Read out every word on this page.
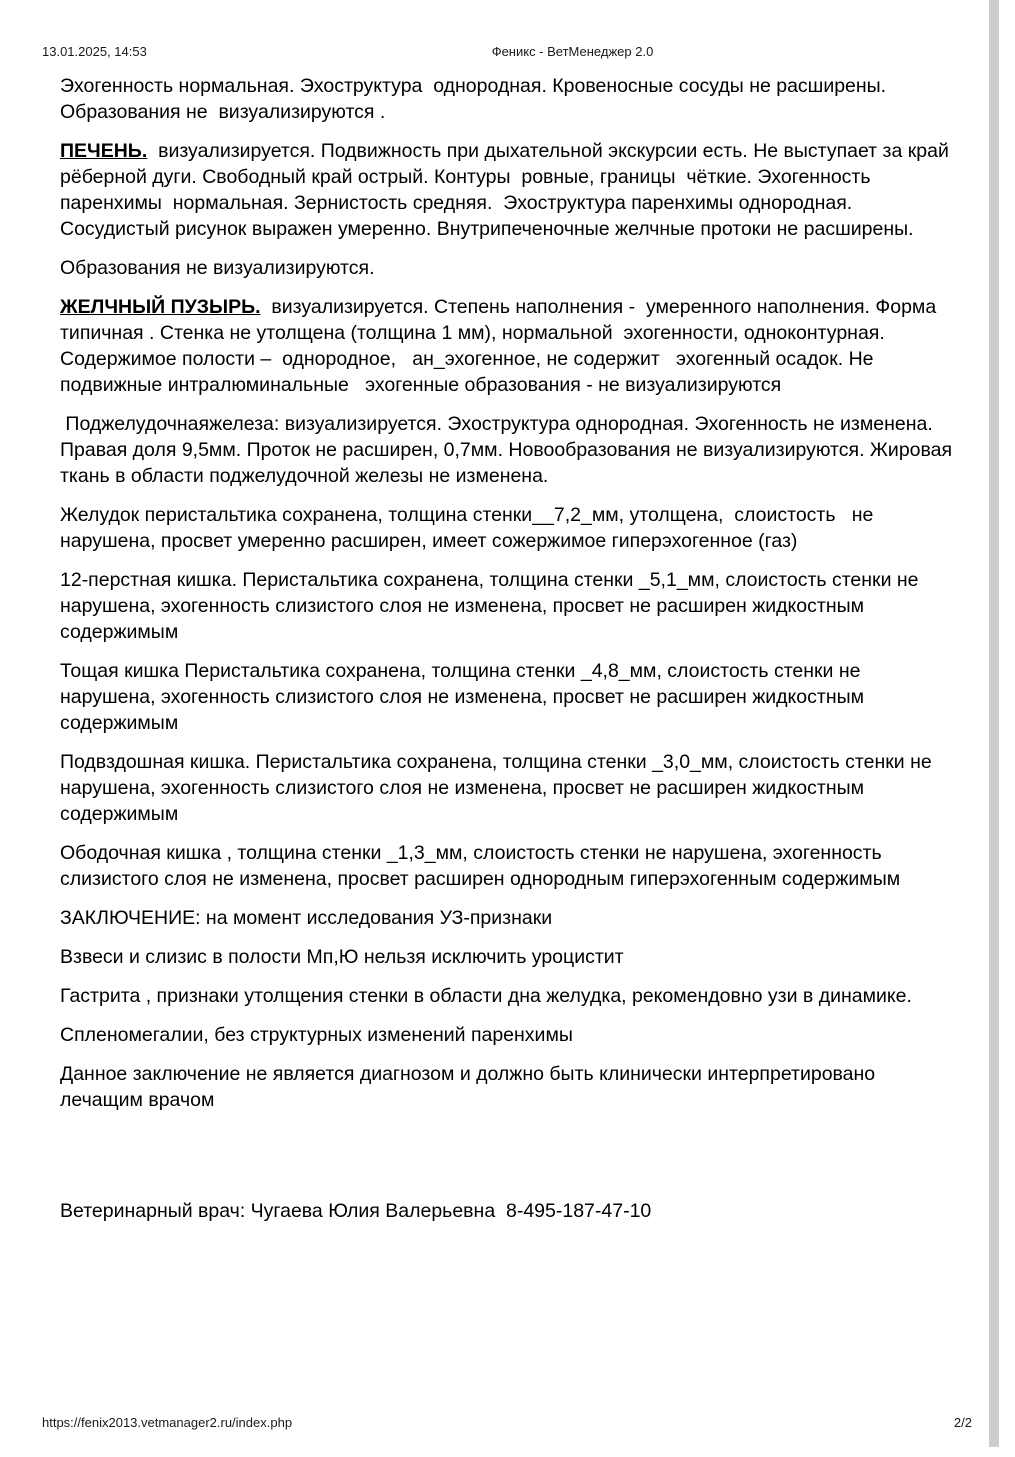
13.01.2025, 14:53	Феникс - ВетМенеджер 2.0

Эхогенность нормальная. Эхоструктура  однородная. Кровеносные сосуды не расширены. Образования не  визуализируются .

ПЕЧЕНЬ.  визуализируется. Подвижность при дыхательной экскурсии есть. Не выступает за край рёберной дуги. Свободный край острый. Контуры  ровные, границы  чёткие. Эхогенность паренхимы  нормальная. Зернистость средняя.  Эхоструктура паренхимы однородная. Сосудистый рисунок выражен умеренно. Внутрипеченочные желчные протоки не расширены.

Образования не визуализируются.

ЖЕЛЧНЫЙ ПУЗЫРЬ.  визуализируется. Степень наполнения -  умеренного наполнения. Форма типичная . Стенка не утолщена (толщина 1 мм), нормальной  эхогенности, одноконтурная. Содержимое полости –  однородное,   ан_эхогенное, не содержит   эхогенный осадок. Не подвижные интралюминальные   эхогенные образования - не визуализируются

Поджелудочнаяжелеза: визуализируется. Эхоструктура однородная. Эхогенность не изменена. Правая доля 9,5мм. Проток не расширен, 0,7мм. Новообразования не визуализируются. Жировая ткань в области поджелудочной железы не изменена.

Желудок перистальтика сохранена, толщина стенки__7,2_мм, утолщена,  слоистость   не нарушена, просвет умеренно расширен, имеет сожержимое гиперэхогенное (газ)

12-перстная кишка. Перистальтика сохранена, толщина стенки _5,1_мм, слоистость стенки не нарушена, эхогенность слизистого слоя не изменена, просвет не расширен жидкостным содержимым

Тощая кишка Перистальтика сохранена, толщина стенки _4,8_мм, слоистость стенки не нарушена, эхогенность слизистого слоя не изменена, просвет не расширен жидкостным содержимым

Подвздошная кишка. Перистальтика сохранена, толщина стенки _3,0_мм, слоистость стенки не нарушена, эхогенность слизистого слоя не изменена, просвет не расширен жидкостным содержимым

Ободочная кишка , толщина стенки _1,3_мм, слоистость стенки не нарушена, эхогенность слизистого слоя не изменена, просвет расширен однородным гиперэхогенным содержимым

ЗАКЛЮЧЕНИЕ: на момент исследования УЗ-признаки

Взвеси и слизис в полости Мп,Ю нельзя исключить уроцистит

Гастрита , признаки утолщения стенки в области дна желудка, рекомендовно узи в динамике.

Спленомегалии, без структурных изменений паренхимы

Данное заключение не является диагнозом и должно быть клинически интерпретировано лечащим врачом

Ветеринарный врач: Чугаева Юлия Валерьевна  8-495-187-47-10

https://fenix2013.vetmanager2.ru/index.php	2/2
